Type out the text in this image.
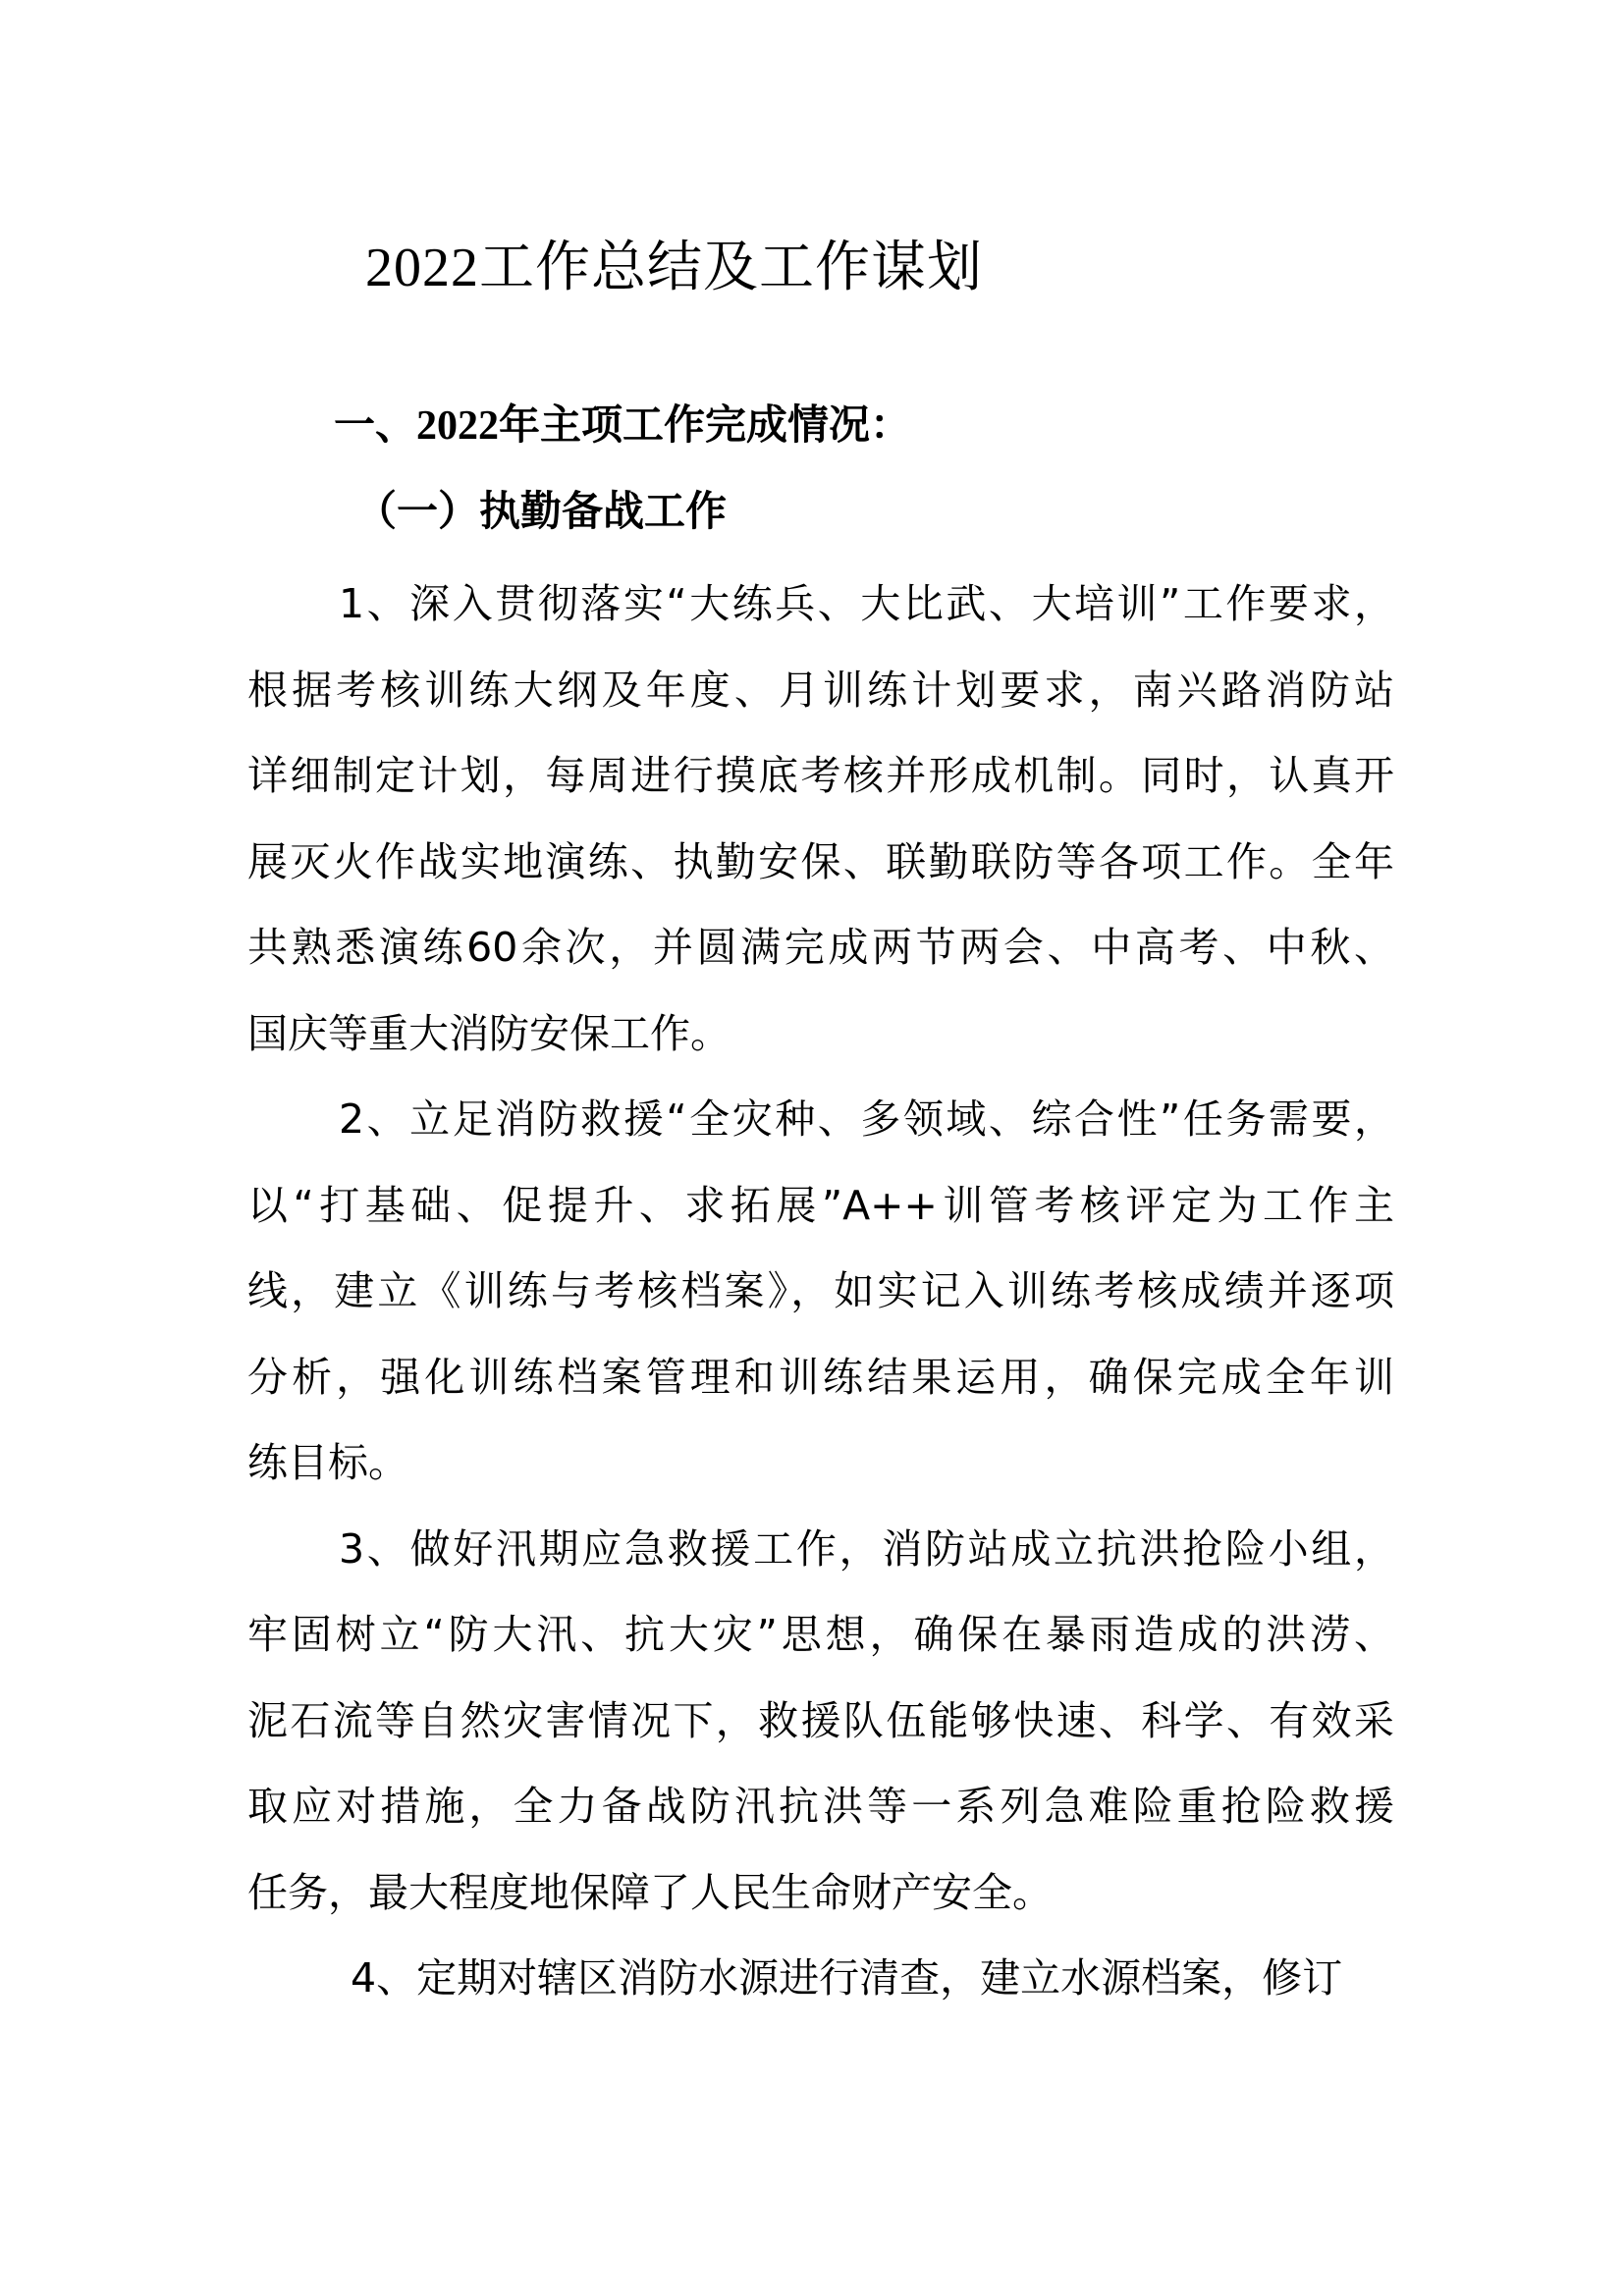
2022工作总结及工作谋划
一、2022年主项工作完成情况：
（一）执勤备战工作
1、深入贯彻落实“大练兵、大比武、大培训”工作要求，
根据考核训练大纲及年度、月训练计划要求，南兴路消防站
详细制定计划，每周进行摸底考核并形成机制。同时，认真开
展灭火作战实地演练、执勤安保、联勤联防等各项工作。全年
共熟悉演练60余次，并圆满完成两节两会、中高考、中秋、
国庆等重大消防安保工作。
2、立足消防救援“全灾种、多领域、综合性”任务需要，
以“打基础、促提升、求拓展”A++训管考核评定为工作主
线，建立《训练与考核档案》，如实记入训练考核成绩并逐项
分析，强化训练档案管理和训练结果运用，确保完成全年训
练目标。
3、做好汛期应急救援工作，消防站成立抗洪抢险小组，
牢固树立“防大汛、抗大灾”思想，确保在暴雨造成的洪涝、
泥石流等自然灾害情况下，救援队伍能够快速、科学、有效采
取应对措施，全力备战防汛抗洪等一系列急难险重抢险救援
任务，最大程度地保障了人民生命财产安全。
4、定期对辖区消防水源进行清查，建立水源档案，修订
